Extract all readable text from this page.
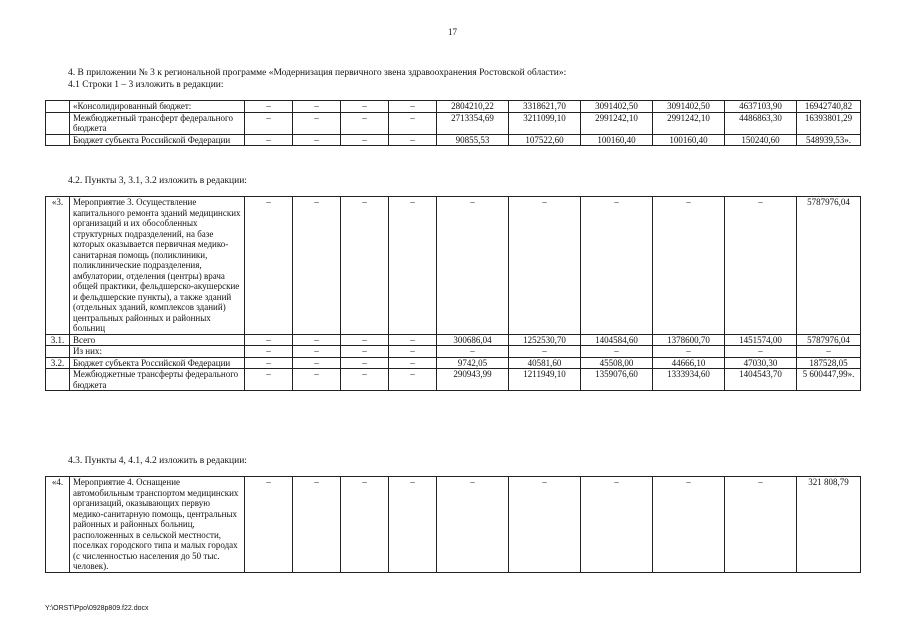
17
4. В приложении № 3 к региональной программе «Модернизация первичного звена здравоохранения Ростовской области»:
4.1 Строки 1 – 3 изложить в редакции:
	«Консолидированный бюджет:	–	–	–	–	2804210,22	3318621,70	3091402,50	3091402,50	4637103,90	16942740,82
	Межбюджетный трансферт федерального бюджета	–	–	–	–	2713354,69	3211099,10	2991242,10	2991242,10	4486863,30	16393801,29
	Бюджет субъекта Российской Федерации	–	–	–	–	90855,53	107522,60	100160,40	100160,40	150240,60	548939,53».
4.2. Пункты 3, 3.1, 3.2 изложить в редакции:
«3.	Мероприятие 3. Осуществление капитального ремонта зданий медицинских организаций и их обособленных структурных подразделений, на базе которых оказывается первичная медико-санитарная помощь (поликлиники, поликлинические подразделения, амбулатории, отделения (центры) врача общей практики, фельдшерско-акушерские и фельдшерские пункты), а также зданий (отдельных зданий, комплексов зданий) центральных районных и районных больниц	–	–	–	–	–	–	–	–	–	5787976,04
3.1.	Всего	–	–	–	–	300686,04	1252530,70	1404584,60	1378600,70	1451574,00	5787976,04
	Из них:	–	–	–	–	–	–	–	–	–	–
3.2.	Бюджет субъекта Российской Федерации	–	–	–	–	9742,05	40581,60	45508,00	44666,10	47030,30	187528,05
	Межбюджетные трансферты федерального бюджета	–	–	–	–	290943,99	1211949,10	1359076,60	1333934,60	1404543,70	5 600447,99».
4.3. Пункты 4, 4.1, 4.2 изложить в редакции:
«4.	Мероприятие 4. Оснащение автомобильным транспортом медицинских организаций, оказывающих первую медико-санитарную помощь, центральных районных и районных больниц, расположенных в сельской местности, поселках городского типа и малых городах (с численностью населения до 50 тыс. человек).	–	–	–	–	–	–	–	–	–	321 808,79
Y:\ORST\Ppo\0928p809.f22.docx
